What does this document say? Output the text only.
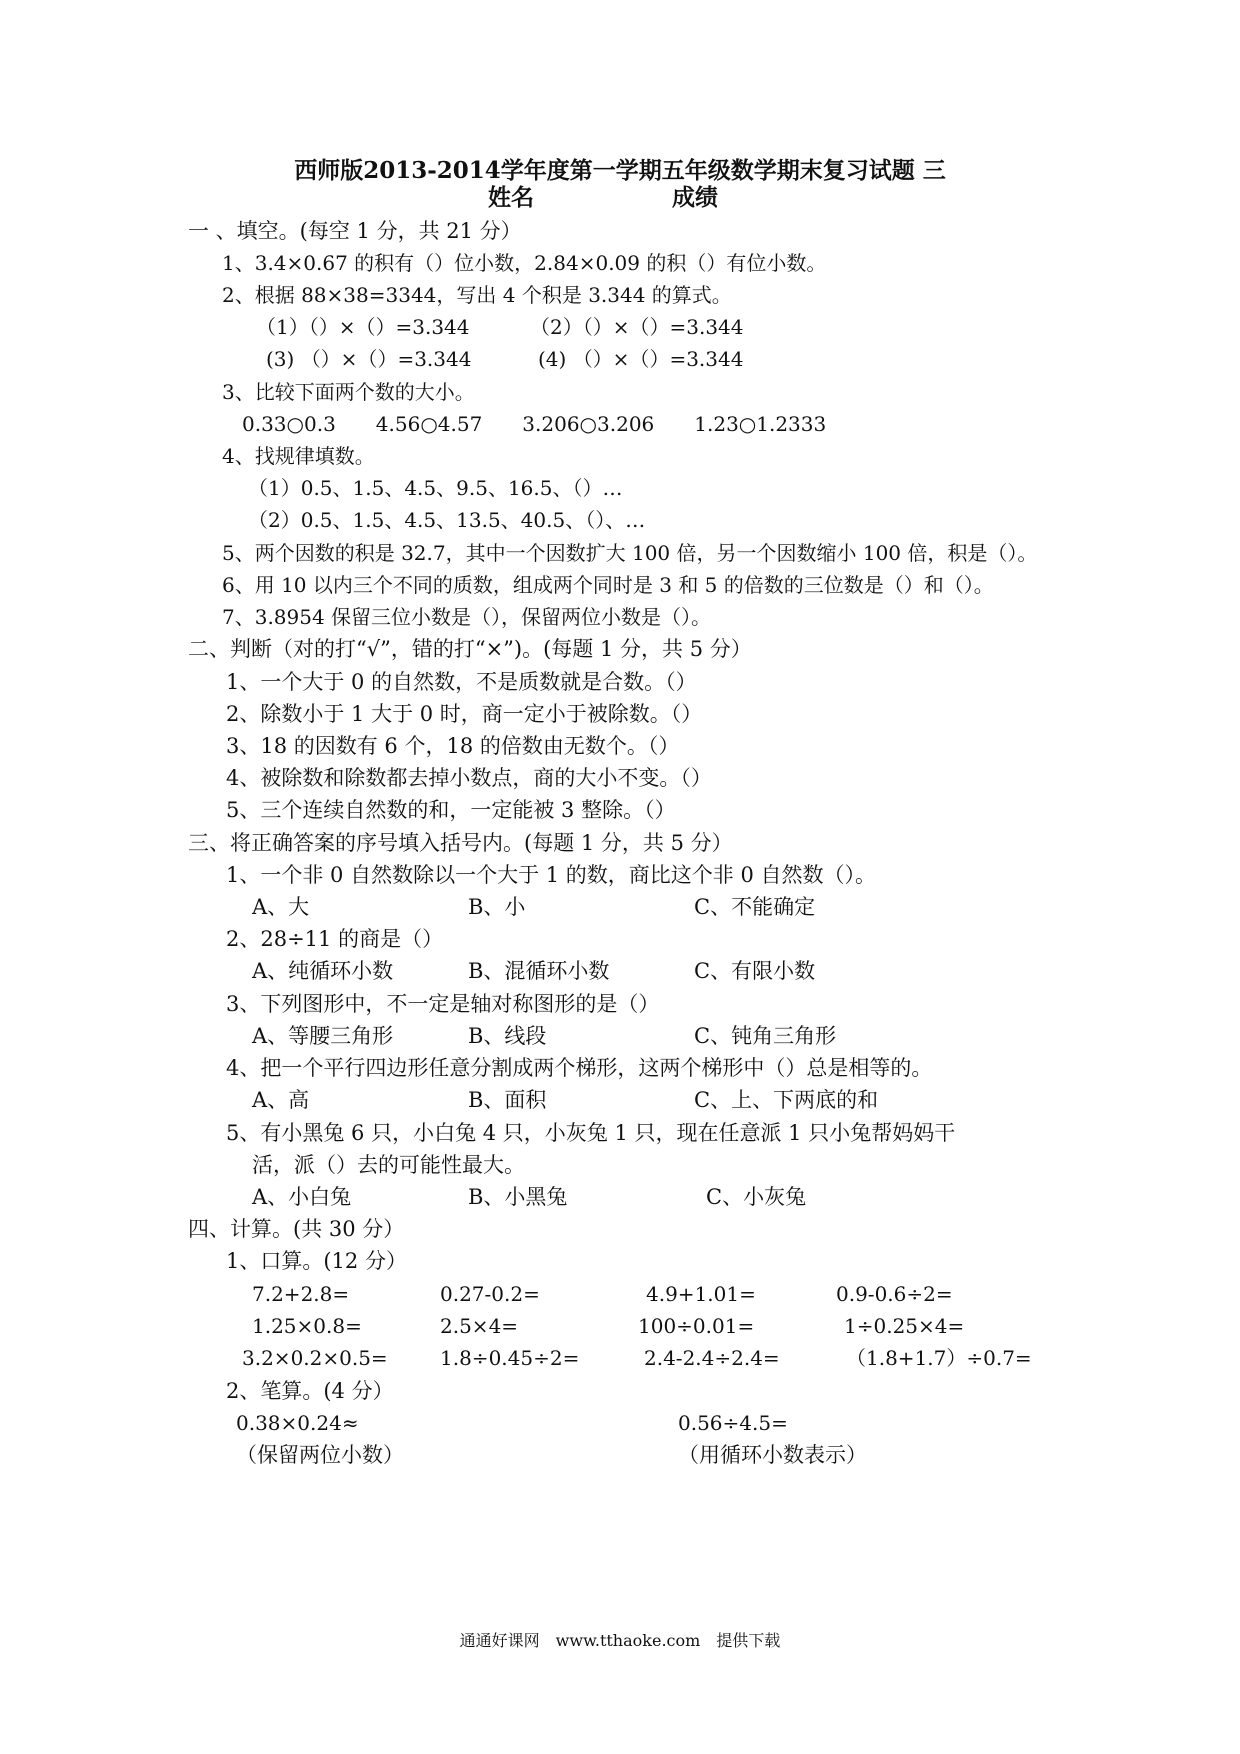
西师版2013-2014学年度第一学期五年级数学期末复习试题 三
姓名	成绩
一 、填空。(每空 1 分，共 21 分）
1、3.4×0.67 的积有（）位小数，2.84×0.09 的积（）有位小数。
2、根据 88×38=3344，写出 4 个积是 3.344 的算式。
（1）（）×（）=3.344	（2）（）×（）=3.344
(3) （）×（）=3.344	(4) （）×（）=3.344
3、比较下面两个数的大小。
0.33○0.3　　4.56○4.57　　3.206○3.206　　1.23○1.2333
4、找规律填数。
（1）0.5、1.5、4.5、9.5、16.5、（）…
（2）0.5、1.5、4.5、13.5、40.5、（）、…
5、两个因数的积是 32.7，其中一个因数扩大 100 倍，另一个因数缩小 100 倍，积是（）。
6、用 10 以内三个不同的质数，组成两个同时是 3 和 5 的倍数的三位数是（）和（）。
7、3.8954 保留三位小数是（），保留两位小数是（）。
二、判断（对的打“√”，错的打“×”)。(每题 1 分，共 5 分）
1、一个大于 0 的自然数，不是质数就是合数。（）
2、除数小于 1 大于 0 时，商一定小于被除数。（）
3、18 的因数有 6 个，18 的倍数由无数个。（）
4、被除数和除数都去掉小数点，商的大小不变。（）
5、三个连续自然数的和，一定能被 3 整除。（）
三、将正确答案的序号填入括号内。(每题 1 分，共 5 分）
1、一个非 0 自然数除以一个大于 1 的数，商比这个非 0 自然数（）。
A、大	B、小	C、不能确定
2、28÷11 的商是（）
A、纯循环小数	B、混循环小数	C、有限小数
3、下列图形中，不一定是轴对称图形的是（）
A、等腰三角形	B、线段	C、钝角三角形
4、把一个平行四边形任意分割成两个梯形，这两个梯形中（）总是相等的。
A、高	B、面积	C、上、下两底的和
5、有小黑兔 6 只，小白兔 4 只，小灰兔 1 只，现在任意派 1 只小兔帮妈妈干
活，派（）去的可能性最大。
A、小白兔	B、小黑兔	C、小灰兔
四、计算。(共 30 分）
1、口算。(12 分）
7.2+2.8=	0.27-0.2=	4.9+1.01=	0.9-0.6÷2=
1.25×0.8=	2.5×4=	100÷0.01=	1÷0.25×4=
3.2×0.2×0.5=	1.8÷0.45÷2=	2.4-2.4÷2.4=	（1.8+1.7）÷0.7=
2、笔算。(4 分）
0.38×0.24≈
（保留两位小数）
0.56÷4.5=
（用循环小数表示）
通通好课网　www.tthaoke.com　提供下载
